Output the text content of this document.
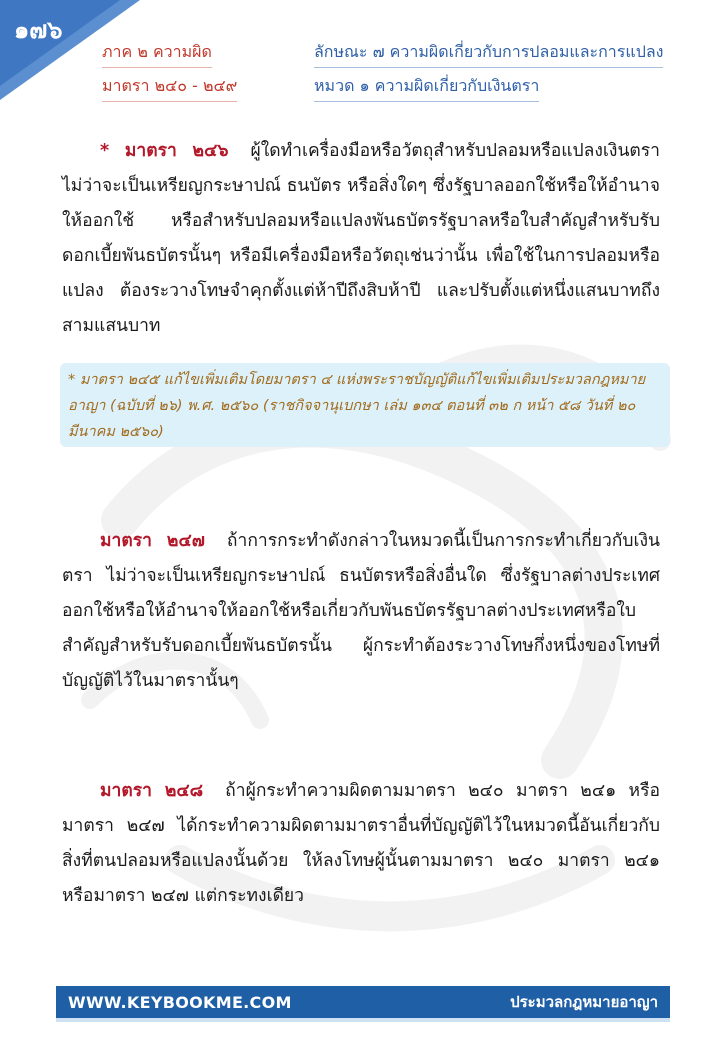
๑๗๖
ภาค ๒ ความผิด
มาตรา ๒๔๐ - ๒๔๙
ลักษณะ ๗ ความผิดเกี่ยวกับการปลอมและการแปลง
หมวด ๑ ความผิดเกี่ยวกับเงินตรา

* มาตรา ๒๔๖ ผู้ใดทำเครื่องมือหรือวัตถุสำหรับปลอมหรือแปลงเงินตรา ไม่ว่าจะเป็นเหรียญกระษาปณ์ ธนบัตร หรือสิ่งใดๆ ซึ่งรัฐบาลออกใช้หรือให้อำนาจให้ออกใช้ หรือสำหรับปลอมหรือแปลงพันธบัตรรัฐบาลหรือใบสำคัญสำหรับรับดอกเบี้ยพันธบัตรนั้นๆ หรือมีเครื่องมือหรือวัตถุเช่นว่านั้น เพื่อใช้ในการปลอมหรือแปลง ต้องระวางโทษจำคุกตั้งแต่ห้าปีถึงสิบห้าปี และปรับตั้งแต่หนึ่งแสนบาทถึงสามแสนบาท

* มาตรา ๒๔๕ แก้ไขเพิ่มเติมโดยมาตรา ๔ แห่งพระราชบัญญัติแก้ไขเพิ่มเติมประมวลกฎหมายอาญา (ฉบับที่ ๒๖) พ.ศ. ๒๕๖๐ (ราชกิจจานุเบกษา เล่ม ๑๓๔ ตอนที่ ๓๒ ก หน้า ๕๘ วันที่ ๒๐ มีนาคม ๒๕๖๐)

มาตรา ๒๔๗ ถ้าการกระทำดังกล่าวในหมวดนี้เป็นการกระทำเกี่ยวกับเงินตรา ไม่ว่าจะเป็นเหรียญกระษาปณ์ ธนบัตรหรือสิ่งอื่นใด ซึ่งรัฐบาลต่างประเทศออกใช้หรือให้อำนาจให้ออกใช้หรือเกี่ยวกับพันธบัตรรัฐบาลต่างประเทศหรือใบสำคัญสำหรับรับดอกเบี้ยพันธบัตรนั้น ผู้กระทำต้องระวางโทษกึ่งหนึ่งของโทษที่บัญญัติไว้ในมาตรานั้นๆ

มาตรา ๒๔๘ ถ้าผู้กระทำความผิดตามมาตรา ๒๔๐ มาตรา ๒๔๑ หรือมาตรา ๒๔๗ ได้กระทำความผิดตามมาตราอื่นที่บัญญัติไว้ในหมวดนี้อันเกี่ยวกับสิ่งที่ตนปลอมหรือแปลงนั้นด้วย ให้ลงโทษผู้นั้นตามมาตรา ๒๔๐ มาตรา ๒๔๑ หรือมาตรา ๒๔๗ แต่กระทงเดียว

WWW.KEYBOOKME.COM	ประมวลกฎหมายอาญา
